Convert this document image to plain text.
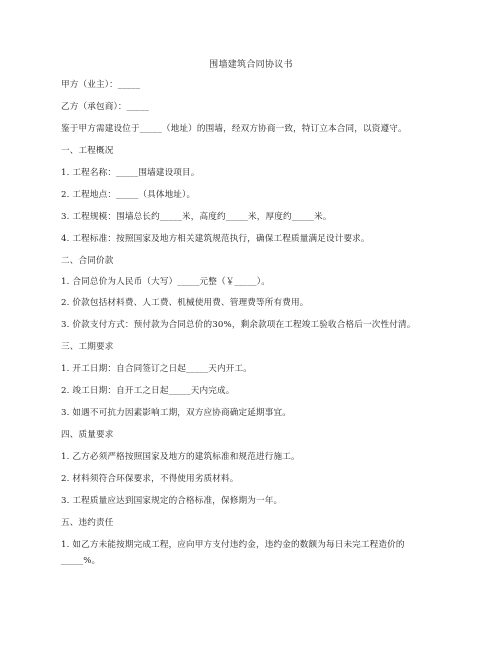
围墙建筑合同协议书
甲方（业主）：_____
乙方（承包商）：_____
鉴于甲方需建设位于_____（地址）的围墙，经双方协商一致，特订立本合同，以资遵守。
一、工程概况
1. 工程名称：_____围墙建设项目。
2. 工程地点：_____（具体地址）。
3. 工程规模：围墙总长约_____米，高度约_____米，厚度约_____米。
4. 工程标准：按照国家及地方相关建筑规范执行，确保工程质量满足设计要求。
二、合同价款
1. 合同总价为人民币（大写）_____元整（￥_____）。
2. 价款包括材料费、人工费、机械使用费、管理费等所有费用。
3. 价款支付方式：预付款为合同总价的30%，剩余款项在工程竣工验收合格后一次性付清。
三、工期要求
1. 开工日期：自合同签订之日起_____天内开工。
2. 竣工日期：自开工之日起_____天内完成。
3. 如遇不可抗力因素影响工期，双方应协商确定延期事宜。
四、质量要求
1. 乙方必须严格按照国家及地方的建筑标准和规范进行施工。
2. 材料须符合环保要求，不得使用劣质材料。
3. 工程质量应达到国家规定的合格标准，保修期为一年。
五、违约责任
1. 如乙方未能按期完成工程，应向甲方支付违约金，违约金的数额为每日未完工程造价的
_____%。
